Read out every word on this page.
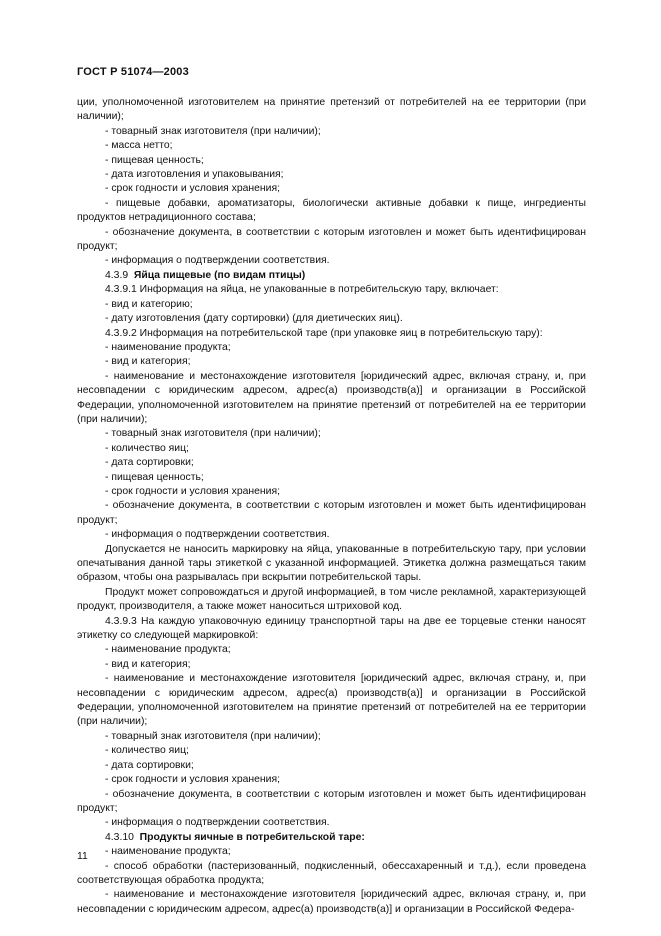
ГОСТ Р 51074—2003

ции, уполномоченной изготовителем на принятие претензий от потребителей на ее территории (при наличии);

- товарный знак изготовителя (при наличии);

- масса нетто;

- пищевая ценность;

- дата изготовления и упаковывания;

- срок годности и условия хранения;

- пищевые добавки, ароматизаторы, биологически активные добавки к пище, ингредиенты продуктов нетрадиционного состава;

- обозначение документа, в соответствии с которым изготовлен и может быть идентифицирован продукт;

- информация о подтверждении соответствия.

4.3.9 Яйца пищевые (по видам птицы)

4.3.9.1 Информация на яйца, не упакованные в потребительскую тару, включает:

- вид и категорию;

- дату изготовления (дату сортировки) (для диетических яиц).

4.3.9.2 Информация на потребительской таре (при упаковке яиц в потребительскую тару):

- наименование продукта;

- вид и категория;

- наименование и местонахождение изготовителя [юридический адрес, включая страну, и, при несовпадении с юридическим адресом, адрес(а) производств(а)] и организации в Российской Федерации, уполномоченной изготовителем на принятие претензий от потребителей на ее территории (при наличии);

- товарный знак изготовителя (при наличии);

- количество яиц;

- дата сортировки;

- пищевая ценность;

- срок годности и условия хранения;

- обозначение документа, в соответствии с которым изготовлен и может быть идентифицирован продукт;

- информация о подтверждении соответствия.

Допускается не наносить маркировку на яйца, упакованные в потребительскую тару, при условии опечатывания данной тары этикеткой с указанной информацией. Этикетка должна размещаться таким образом, чтобы она разрывалась при вскрытии потребительской тары.

Продукт может сопровождаться и другой информацией, в том числе рекламной, характеризующей продукт, производителя, а также может наноситься штриховой код.

4.3.9.3 На каждую упаковочную единицу транспортной тары на две ее торцевые стенки наносят этикетку со следующей маркировкой:

- наименование продукта;

- вид и категория;

- наименование и местонахождение изготовителя [юридический адрес, включая страну, и, при несовпадении с юридическим адресом, адрес(а) производств(а)] и организации в Российской Федерации, уполномоченной изготовителем на принятие претензий от потребителей на ее территории (при наличии);

- товарный знак изготовителя (при наличии);

- количество яиц;

- дата сортировки;

- срок годности и условия хранения;

- обозначение документа, в соответствии с которым изготовлен и может быть идентифицирован продукт;

- информация о подтверждении соответствия.

4.3.10 Продукты яичные в потребительской таре:

- наименование продукта;

- способ обработки (пастеризованный, подкисленный, обессахаренный и т.д.), если проведена соответствующая обработка продукта;

- наименование и местонахождение изготовителя [юридический адрес, включая страну, и, при несовпадении с юридическим адресом, адрес(а) производств(а)] и организации в Российской Федера-

11
